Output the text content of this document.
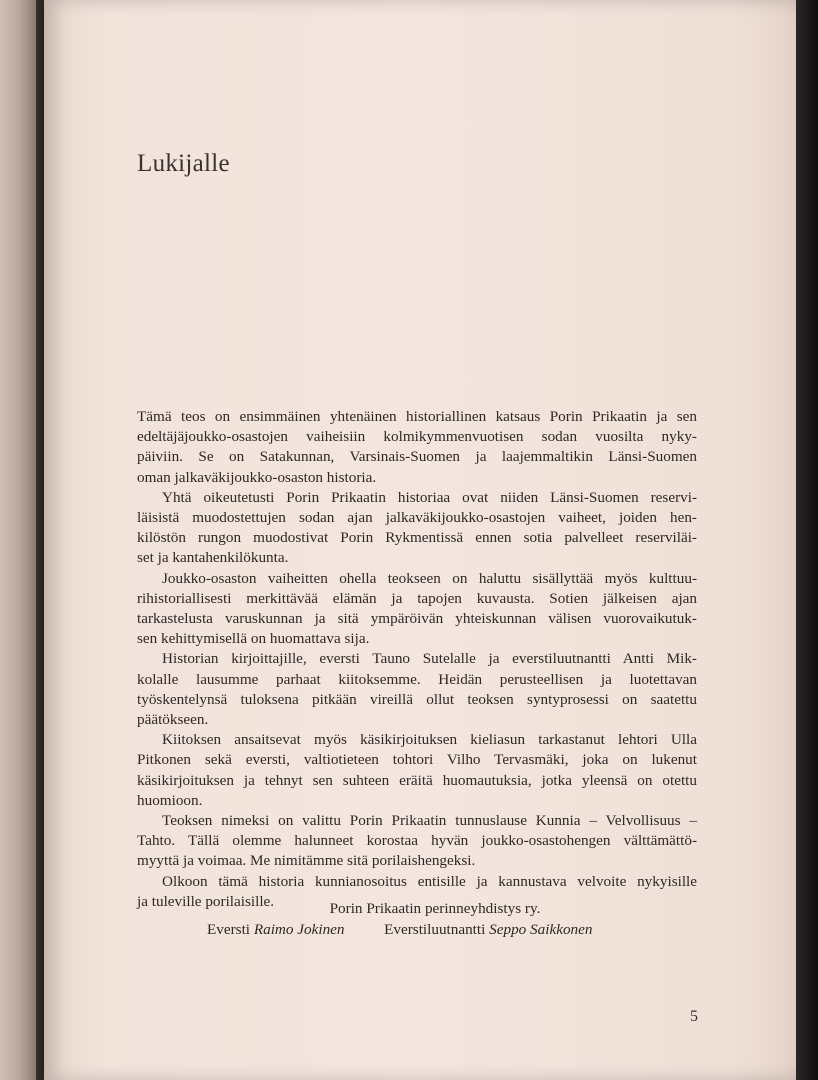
Lukijalle
Tämä teos on ensimmäinen yhtenäinen historiallinen katsaus Porin Prikaatin ja sen
edeltäjäjoukko-osastojen vaiheisiin kolmikymmenvuotisen sodan vuosilta nyky-
päiviin. Se on Satakunnan, Varsinais-Suomen ja laajemmaltikin Länsi-Suomen
oman jalkaväkijoukko-osaston historia.
Yhtä oikeutetusti Porin Prikaatin historiaa ovat niiden Länsi-Suomen reservi-
läisistä muodostettujen sodan ajan jalkaväkijoukko-osastojen vaiheet, joiden hen-
kilöstön rungon muodostivat Porin Rykmentissä ennen sotia palvelleet reserviläi-
set ja kantahenkilökunta.
Joukko-osaston vaiheitten ohella teokseen on haluttu sisällyttää myös kulttuu-
rihistoriallisesti merkittävää elämän ja tapojen kuvausta. Sotien jälkeisen ajan
tarkastelusta varuskunnan ja sitä ympäröivän yhteiskunnan välisen vuorovaikutuk-
sen kehittymisellä on huomattava sija.
Historian kirjoittajille, eversti Tauno Sutelalle ja everstiluutnantti Antti Mik-
kolalle lausumme parhaat kiitoksemme. Heidän perusteellisen ja luotettavan
työskentelynsä tuloksena pitkään vireillä ollut teoksen syntyprosessi on saatettu
päätökseen.
Kiitoksen ansaitsevat myös käsikirjoituksen kieliasun tarkastanut lehtori Ulla
Pitkonen sekä eversti, valtiotieteen tohtori Vilho Tervasmäki, joka on lukenut
käsikirjoituksen ja tehnyt sen suhteen eräitä huomautuksia, jotka yleensä on otettu
huomioon.
Teoksen nimeksi on valittu Porin Prikaatin tunnuslause Kunnia – Velvollisuus –
Tahto. Tällä olemme halunneet korostaa hyvän joukko-osastohengen välttämättö-
myyttä ja voimaa. Me nimitämme sitä porilaishengeksi.
Olkoon tämä historia kunnianosoitus entisille ja kannustava velvoite nykyisille
ja tuleville porilaisille.	Porin Prikaatin perinneyhdistys ry.
Eversti Raimo Jokinen	Everstiluutnantti Seppo Saikkonen
5
